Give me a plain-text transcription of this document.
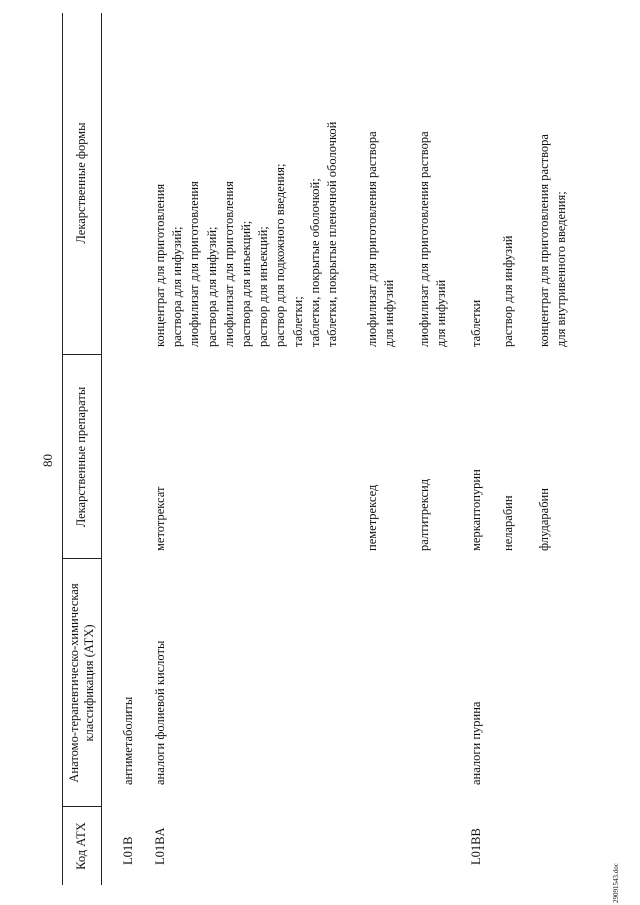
80
Код АТХ
Анатомо-терапевтическо-химическая классификация (АТХ)
Лекарственные препараты
Лекарственные формы
L01B
антиметаболиты
L01BA
аналоги фолиевой кислоты
метотрексат
концентрат для приготовления
раствора для инфузий;
лиофилизат для приготовления
раствора для инфузий;
лиофилизат для приготовления
раствора для инъекций;
раствор для инъекций;
раствор для подкожного введения;
таблетки;
таблетки, покрытые оболочкой;
таблетки, покрытые пленочной оболочкой
пеметрексед
лиофилизат для приготовления раствора
для инфузий
ралтитрексид
лиофилизат для приготовления раствора
для инфузий
L01BB
аналоги пурина
меркаптопурин
таблетки
неларабин
раствор для инфузий
флударабин
концентрат для приготовления раствора
для внутривенного введения;
29091543.doc
